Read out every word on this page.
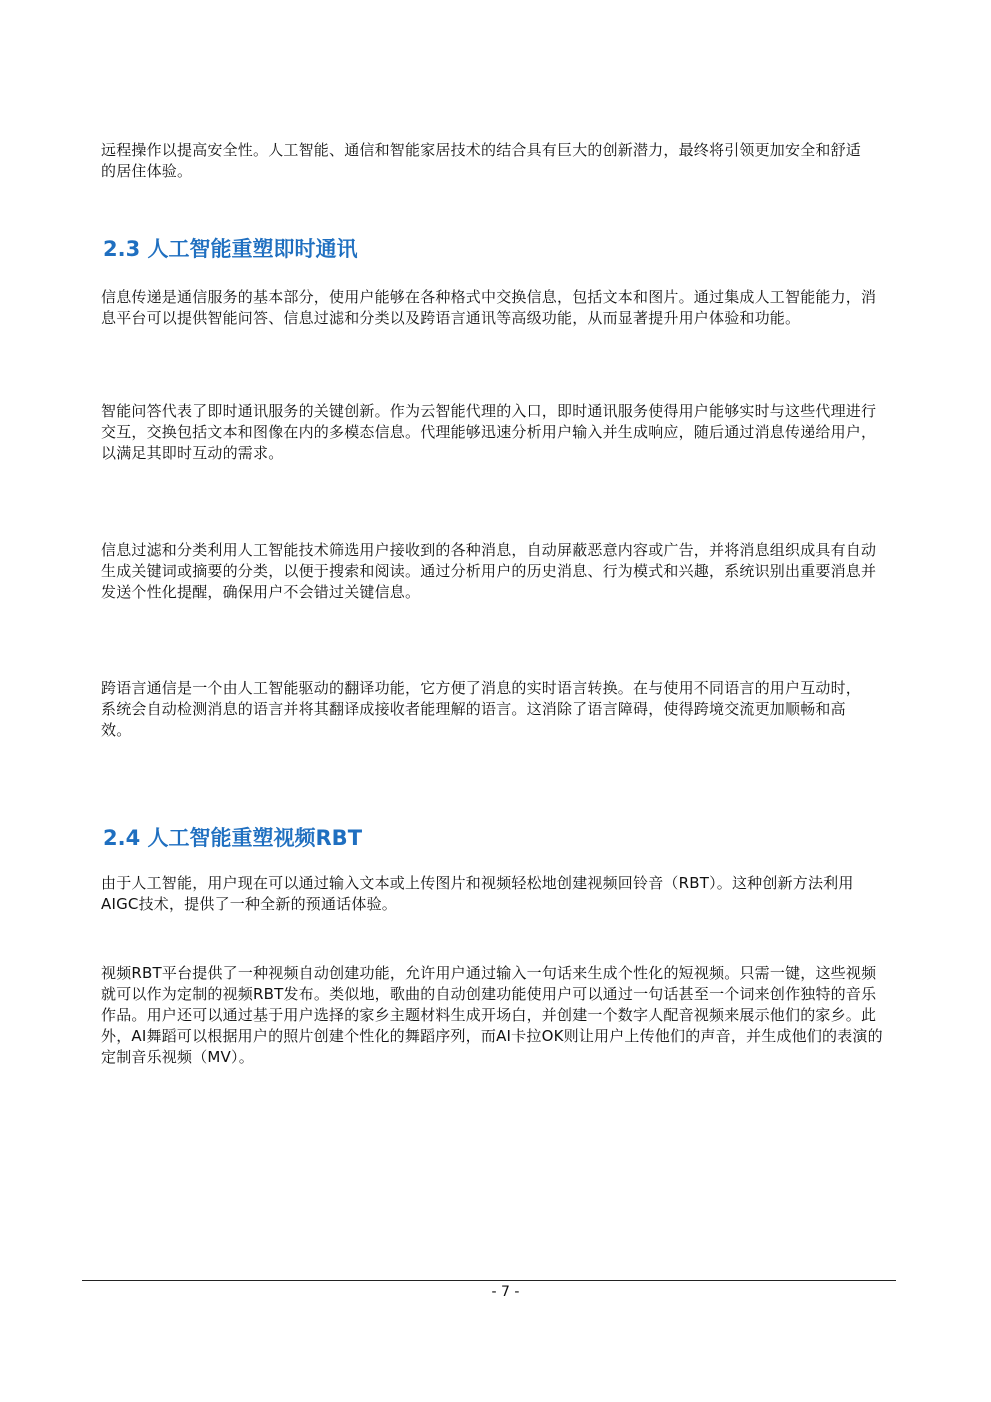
远程操作以提高安全性。人工智能、通信和智能家居技术的结合具有巨大的创新潜力，最终将引领更加安全和舒适的居住体验。

2.3 人工智能重塑即时通讯

信息传递是通信服务的基本部分，使用户能够在各种格式中交换信息，包括文本和图片。通过集成人工智能能力，消息平台可以提供智能问答、信息过滤和分类以及跨语言通讯等高级功能，从而显著提升用户体验和功能。

智能问答代表了即时通讯服务的关键创新。作为云智能代理的入口，即时通讯服务使得用户能够实时与这些代理进行交互，交换包括文本和图像在内的多模态信息。代理能够迅速分析用户输入并生成响应，随后通过消息传递给用户，以满足其即时互动的需求。

信息过滤和分类利用人工智能技术筛选用户接收到的各种消息，自动屏蔽恶意内容或广告，并将消息组织成具有自动生成关键词或摘要的分类，以便于搜索和阅读。通过分析用户的历史消息、行为模式和兴趣，系统识别出重要消息并发送个性化提醒，确保用户不会错过关键信息。

跨语言通信是一个由人工智能驱动的翻译功能，它方便了消息的实时语言转换。在与使用不同语言的用户互动时，系统会自动检测消息的语言并将其翻译成接收者能理解的语言。这消除了语言障碍，使得跨境交流更加顺畅和高效。

2.4 人工智能重塑视频RBT

由于人工智能，用户现在可以通过输入文本或上传图片和视频轻松地创建视频回铃音（RBT）。这种创新方法利用AIGC技术，提供了一种全新的预通话体验。

视频RBT平台提供了一种视频自动创建功能，允许用户通过输入一句话来生成个性化的短视频。只需一键，这些视频就可以作为定制的视频RBT发布。类似地，歌曲的自动创建功能使用户可以通过一句话甚至一个词来创作独特的音乐作品。用户还可以通过基于用户选择的家乡主题材料生成开场白，并创建一个数字人配音视频来展示他们的家乡。此外，AI舞蹈可以根据用户的照片创建个性化的舞蹈序列，而AI卡拉OK则让用户上传他们的声音，并生成他们的表演的定制音乐视频（MV）。

- 7 -
